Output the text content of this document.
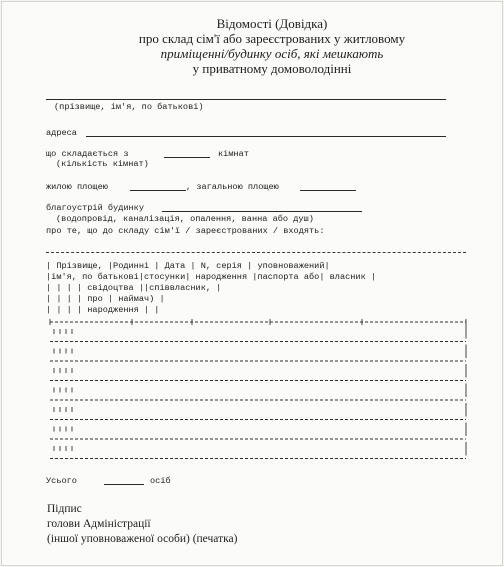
Відомості (Довідка)
про склад сім'ї або зареєстрованих у житловому
приміщенні/будинку осіб, які мешкають
у приватному домоволодінні
(прізвище, ім'я, по батькові)
адреса
що складається з	кімнат
(кількість кімнат)
жилою площею	, загальною площею
благоустрій будинку
(водопровід, каналізація, опалення, ванна або душ)
про те, що до складу сім'ї / зареєстрованих / входять:
| Прізвище, |Родинні | Дата | N, серія | уповноважений|
|ім'я, по батькові|стосунки| народження |паспорта або| власник |
| | | | свідоцтва ||співвласник, |
| | | | про | наймач) |
| | | | народження | |
Усього	осіб
Підпис
голови Адміністрації
(іншої уповноваженої особи) (печатка)
